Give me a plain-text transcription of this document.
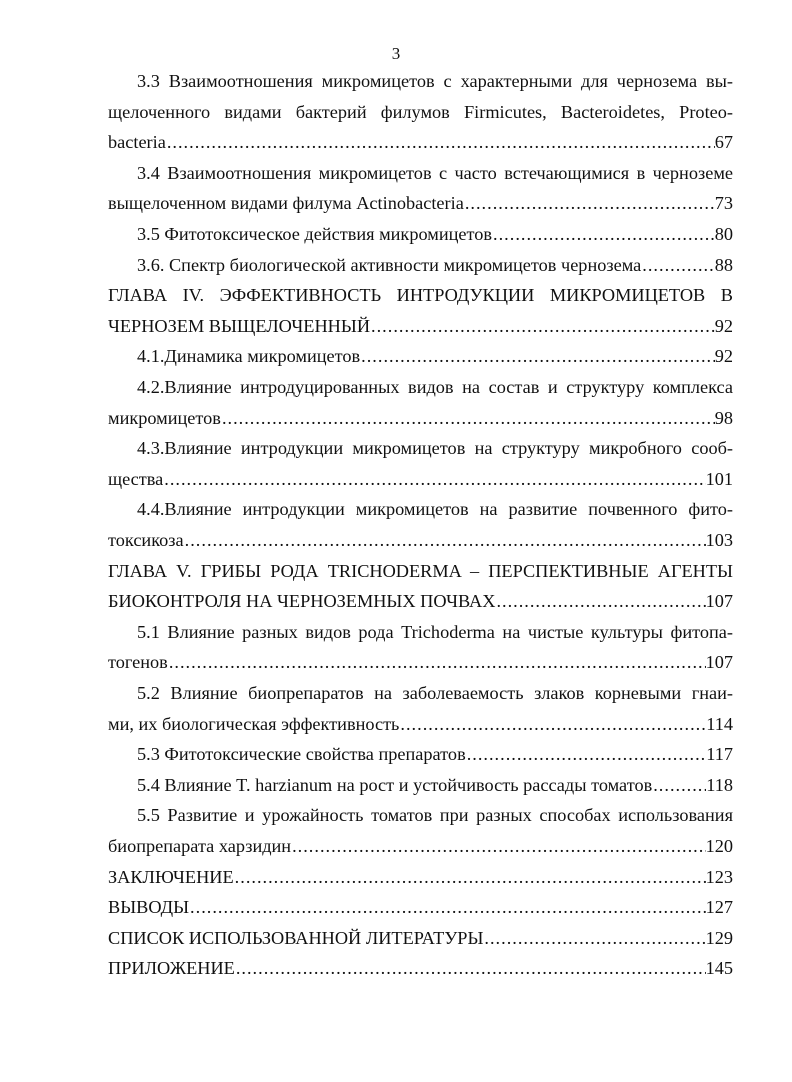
3
3.3 Взаимоотношения микромицетов с характерными для чернозема вы-
щелоченного видами бактерий филумов Firmicutes, Bacteroidetes, Proteo-
bacteria .....	67
3.4 Взаимоотношения микромицетов с часто встечающимися в черноземе
выщелоченном видами филума Actinobacteria .....	73
3.5 Фитотоксическое действия микромицетов .....	80
3.6. Спектр биологической активности микромицетов чернозема .....	88
ГЛАВА IV. ЭФФЕКТИВНОСТЬ ИНТРОДУКЦИИ МИКРОМИЦЕТОВ В
ЧЕРНОЗЕМ ВЫЩЕЛОЧЕННЫЙ .....	92
4.1.Динамика микромицетов .....	92
4.2.Влияние интродуцированных видов на состав и структуру комплекса
микромицетов .....	98
4.3.Влияние интродукции микромицетов на структуру микробного сооб-
щества .....	101
4.4.Влияние интродукции микромицетов на развитие почвенного фито-
токсикоза .....	103
ГЛАВА V. ГРИБЫ РОДА TRICHODERMA – ПЕРСПЕКТИВНЫЕ АГЕНТЫ
БИОКОНТРОЛЯ НА ЧЕРНОЗЕМНЫХ ПОЧВАХ .....	107
5.1 Влияние разных видов рода Trichoderma на чистые культуры фитопа-
тогенов .....	107
5.2 Влияние биопрепаратов на заболеваемость злаков корневыми гнаи-
ми, их биологическая эффективность .....	114
5.3 Фитотоксические свойства препаратов .....	117
5.4 Влияние T. harzianum на рост и устойчивость рассады томатов .....	118
5.5 Развитие и урожайность томатов при разных способах использования
биопрепарата харзидин .....	120
ЗАКЛЮЧЕНИЕ .....	123
ВЫВОДЫ .....	127
СПИСОК ИСПОЛЬЗОВАННОЙ ЛИТЕРАТУРЫ .....	129
ПРИЛОЖЕНИЕ .....	145
